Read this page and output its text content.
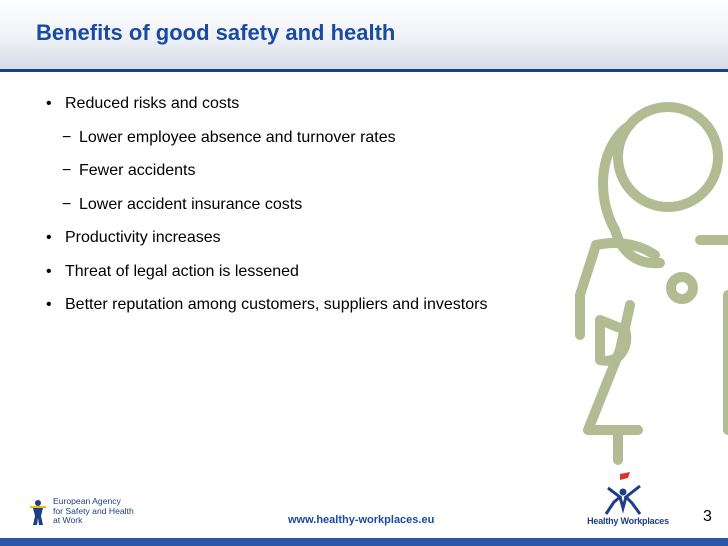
Benefits of good safety and health
• Reduced risks and costs
− Lower employee absence and turnover rates
− Fewer accidents
− Lower accident insurance costs
• Productivity increases
• Threat of legal action is lessened
• Better reputation among customers, suppliers and investors
European Agency
for Safety and Health
at Work	www.healthy-workplaces.eu	Healthy Workplaces	3
